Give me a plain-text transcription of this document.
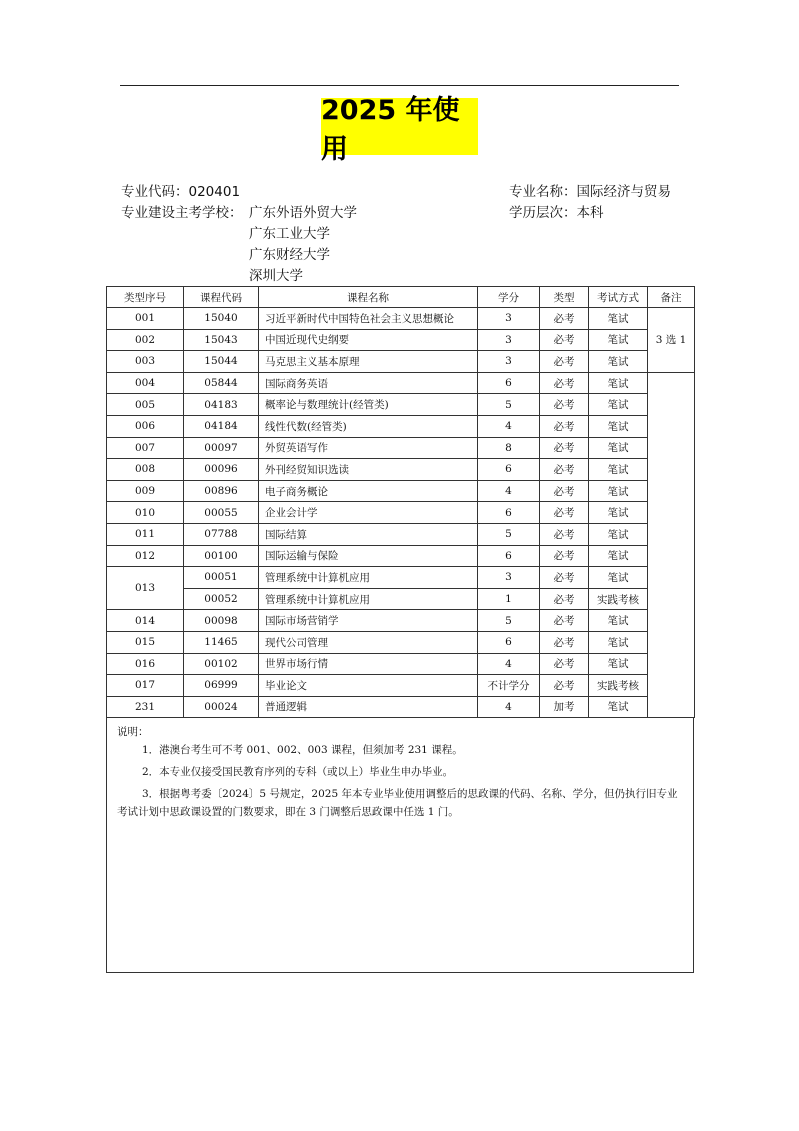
2025 年使用
专业代码：020401	专业名称：国际经济与贸易
专业建设主考学校：	学历层次：本科
广东外语外贸大学
广东工业大学
广东财经大学
深圳大学
类型序号	课程代码	课程名称	学分	类型	考试方式	备注
001	15040	习近平新时代中国特色社会主义思想概论	3	必考	笔试	3 选 1
002	15043	中国近现代史纲要	3	必考	笔试	
003	15044	马克思主义基本原理	3	必考	笔试	
004	05844	国际商务英语	6	必考	笔试	
005	04183	概率论与数理统计(经管类)	5	必考	笔试	
006	04184	线性代数(经管类)	4	必考	笔试	
007	00097	外贸英语写作	8	必考	笔试	
008	00096	外刊经贸知识选读	6	必考	笔试	
009	00896	电子商务概论	4	必考	笔试	
010	00055	企业会计学	6	必考	笔试	
011	07788	国际结算	5	必考	笔试	
012	00100	国际运输与保险	6	必考	笔试	
013	00051	管理系统中计算机应用	3	必考	笔试	
	00052	管理系统中计算机应用	1	必考	实践考核	
014	00098	国际市场营销学	5	必考	笔试	
015	11465	现代公司管理	6	必考	笔试	
016	00102	世界市场行情	4	必考	笔试	
017	06999	毕业论文	不计学分	必考	实践考核	
231	00024	普通逻辑	4	加考	笔试	
说明：
1．港澳台考生可不考 001、002、003 课程，但须加考 231 课程。
2．本专业仅接受国民教育序列的专科（或以上）毕业生申办毕业。
3．根据粤考委〔2024〕5 号规定，2025 年本专业毕业使用调整后的思政课的代码、名称、学分，但仍执行旧专业考试计划中思政课设置的门数要求，即在 3 门调整后思政课中任选 1 门。
